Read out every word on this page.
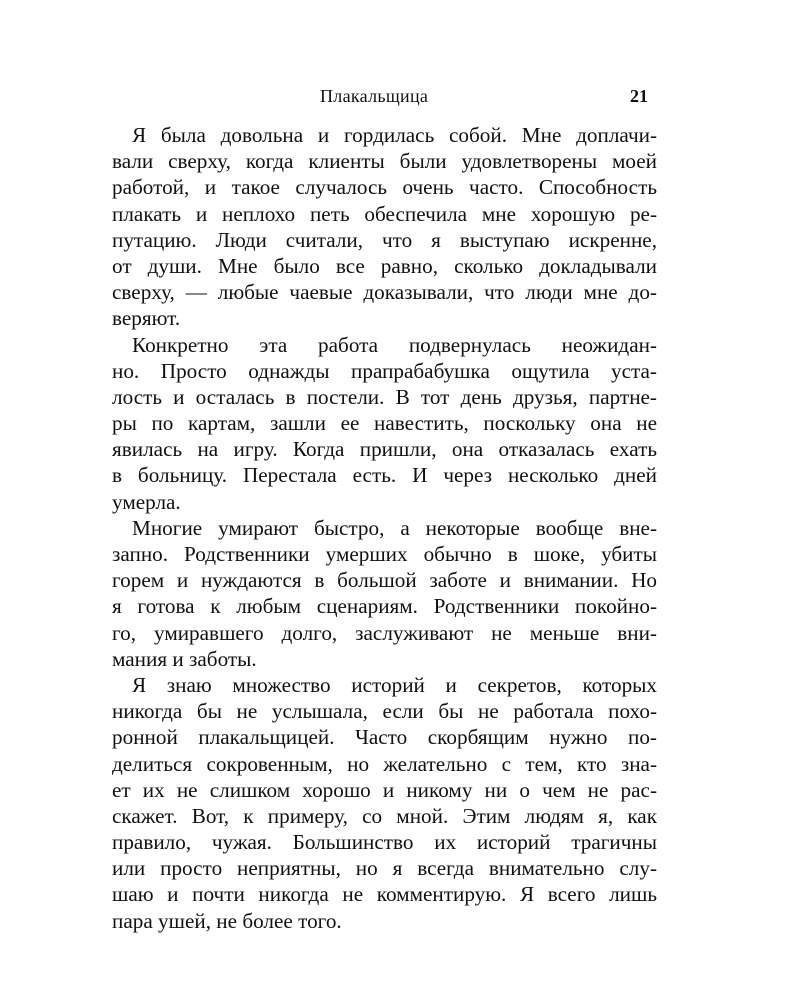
Плакальщица	21
Я была довольна и гордилась собой. Мне доплачи-
вали сверху, когда клиенты были удовлетворены моей
работой, и такое случалось очень часто. Способность
плакать и неплохо петь обеспечила мне хорошую ре-
путацию. Люди считали, что я выступаю искренне,
от души. Мне было все равно, сколько докладывали
сверху, — любые чаевые доказывали, что люди мне до-
веряют.
Конкретно эта работа подвернулась неожидан-
но. Просто однажды прапрабабушка ощутила уста-
лость и осталась в постели. В тот день друзья, партне-
ры по картам, зашли ее навестить, поскольку она не
явилась на игру. Когда пришли, она отказалась ехать
в больницу. Перестала есть. И через несколько дней
умерла.
Многие умирают быстро, а некоторые вообще вне-
запно. Родственники умерших обычно в шоке, убиты
горем и нуждаются в большой заботе и внимании. Но
я готова к любым сценариям. Родственники покойно-
го, умиравшего долго, заслуживают не меньше вни-
мания и заботы.
Я знаю множество историй и секретов, которых
никогда бы не услышала, если бы не работала похо-
ронной плакальщицей. Часто скорбящим нужно по-
делиться сокровенным, но желательно с тем, кто зна-
ет их не слишком хорошо и никому ни о чем не рас-
скажет. Вот, к примеру, со мной. Этим людям я, как
правило, чужая. Большинство их историй трагичны
или просто неприятны, но я всегда внимательно слу-
шаю и почти никогда не комментирую. Я всего лишь
пара ушей, не более того.
